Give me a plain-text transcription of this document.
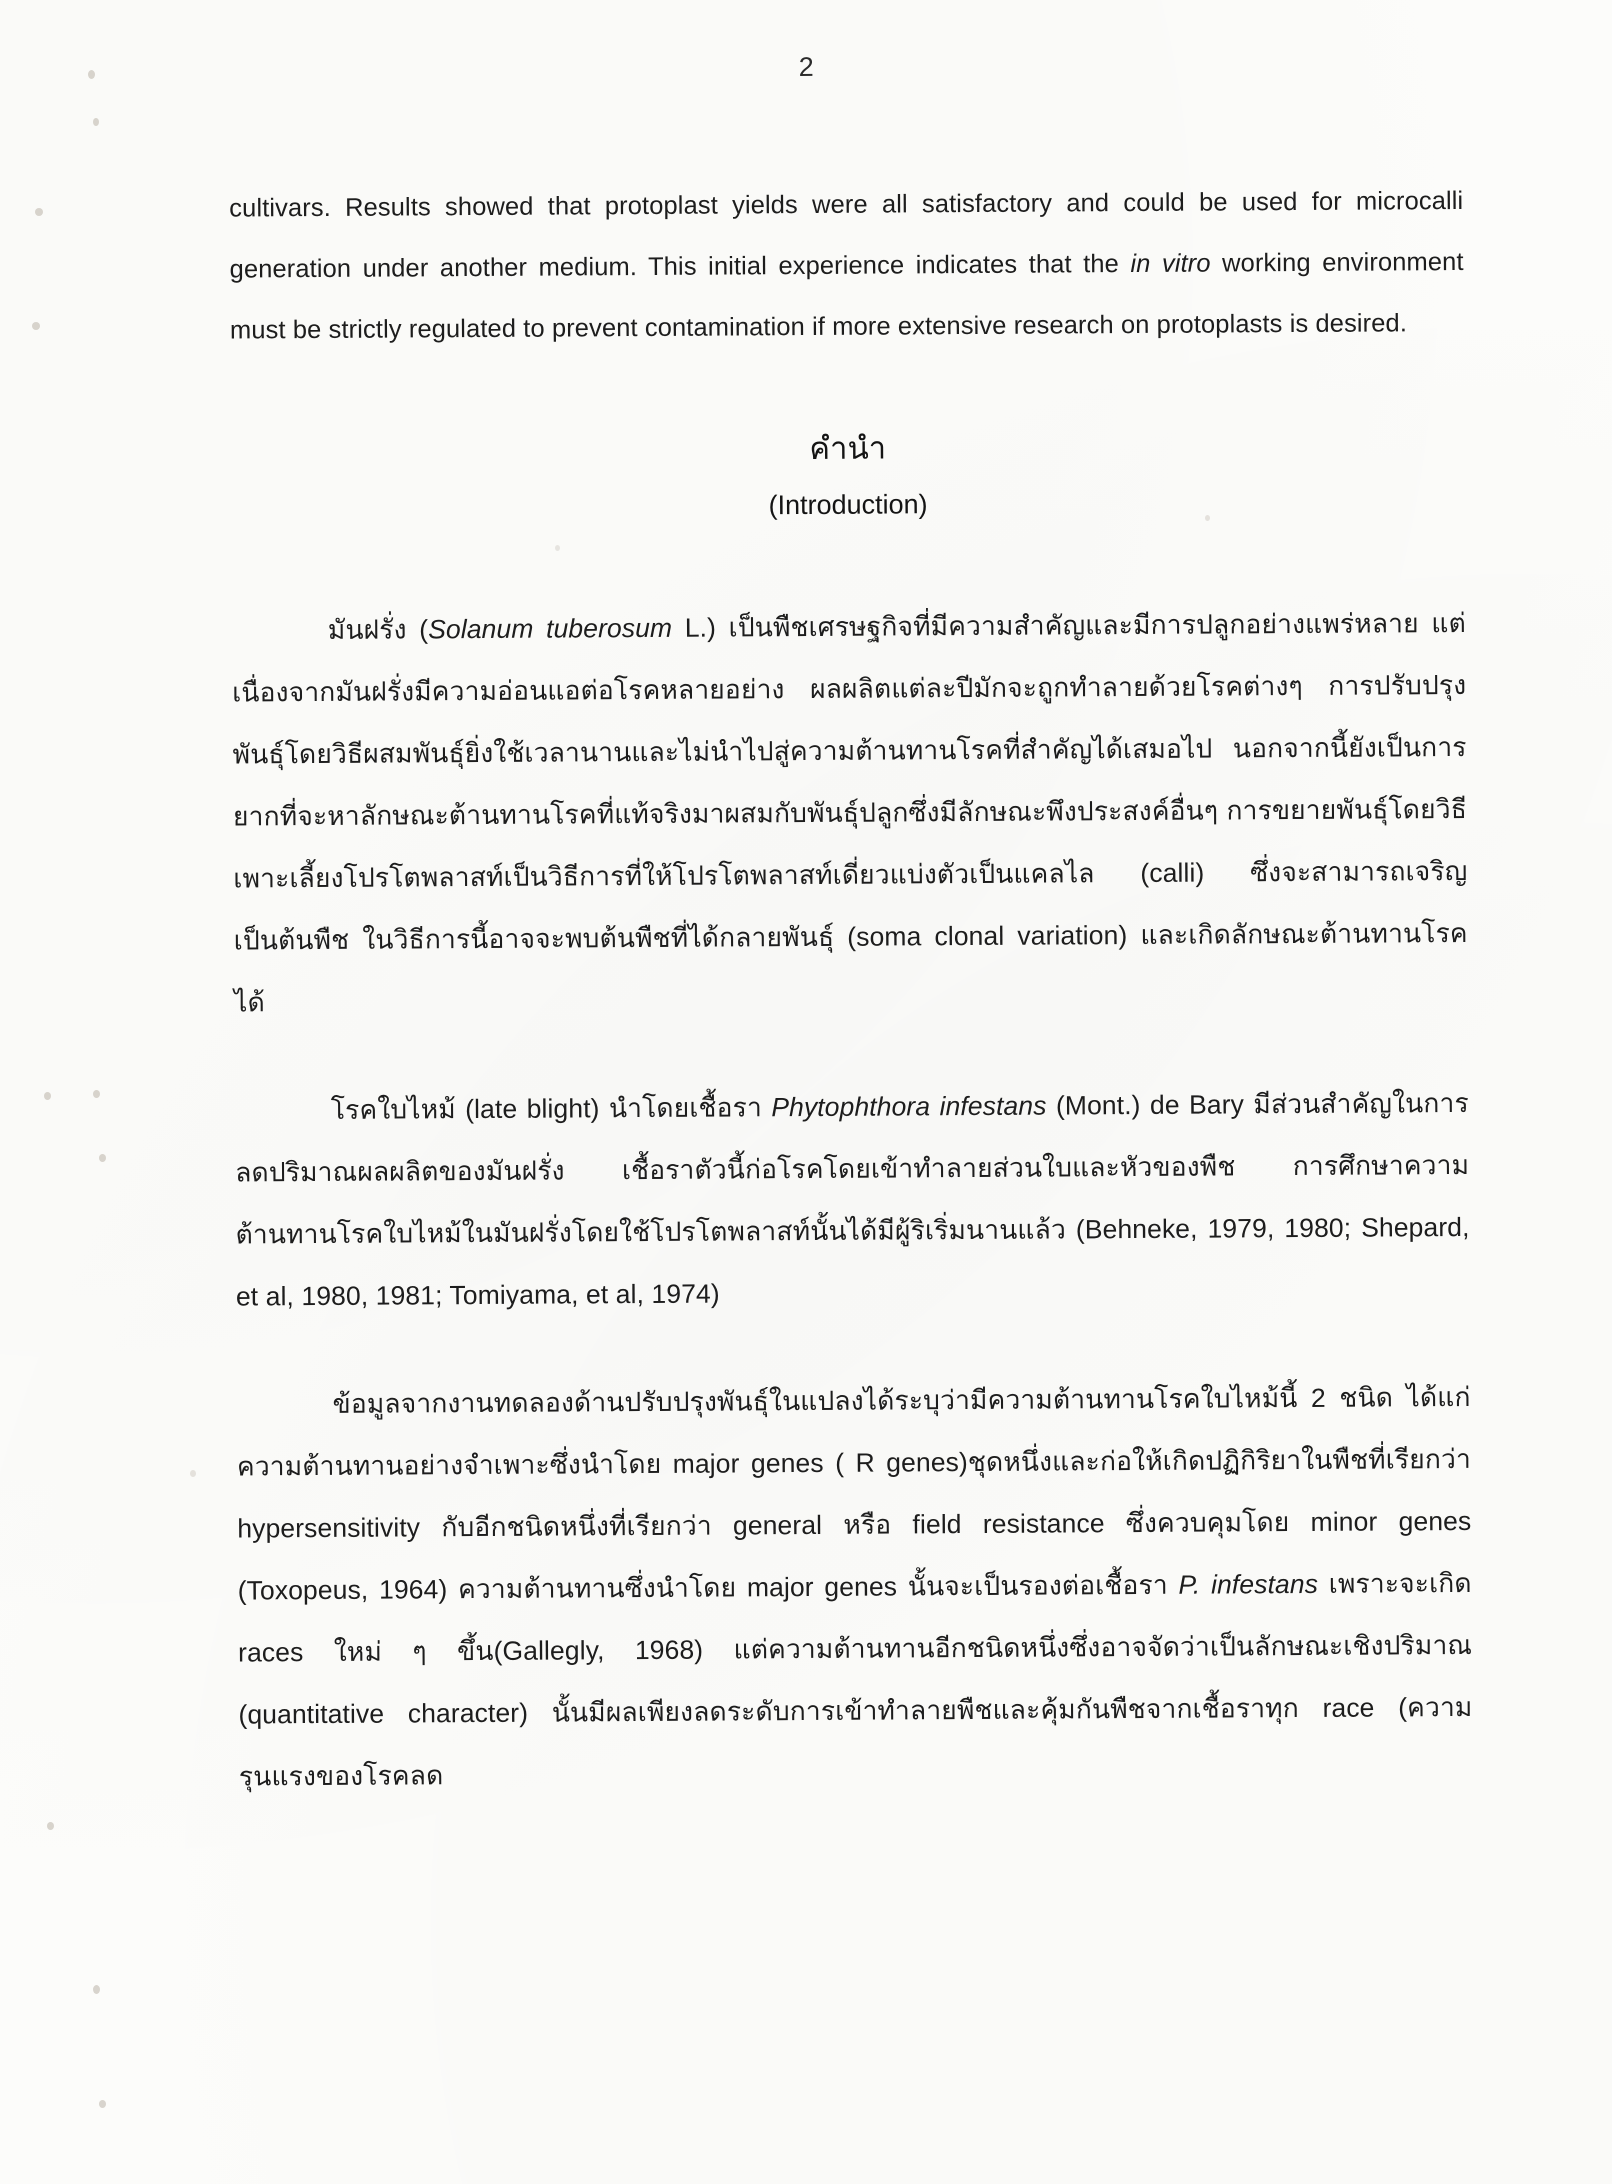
2

cultivars. Results showed that protoplast yields were all satisfactory and could be used for microcalli generation under another medium. This initial experience indicates that the in vitro working environment must be strictly regulated to prevent contamination if more extensive research on protoplasts is desired.

คำนำ
(Introduction)

มันฝรั่ง (Solanum tuberosum L.) เป็นพืชเศรษฐกิจที่มีความสำคัญและมีการปลูกอย่างแพร่หลาย แต่เนื่องจากมันฝรั่งมีความอ่อนแอต่อโรคหลายอย่าง ผลผลิตแต่ละปีมักจะถูกทำลายด้วยโรคต่างๆ การปรับปรุงพันธุ์โดยวิธีผสมพันธุ์ยิ่งใช้เวลานานและไม่นำไปสู่ความต้านทานโรคที่สำคัญได้เสมอไป นอกจากนี้ยังเป็นการยากที่จะหาลักษณะต้านทานโรคที่แท้จริงมาผสมกับพันธุ์ปลูกซึ่งมีลักษณะพึงประสงค์อื่นๆ การขยายพันธุ์โดยวิธีเพาะเลี้ยงโปรโตพลาสท์เป็นวิธีการที่ให้โปรโตพลาสท์เดี่ยวแบ่งตัวเป็นแคลไล (calli) ซึ่งจะสามารถเจริญเป็นต้นพืช ในวิธีการนี้อาจจะพบต้นพืชที่ได้กลายพันธุ์ (soma clonal variation) และเกิดลักษณะต้านทานโรคได้

โรคใบไหม้ (late blight) นำโดยเชื้อรา Phytophthora infestans (Mont.) de Bary มีส่วนสำคัญในการลดปริมาณผลผลิตของมันฝรั่ง เชื้อราตัวนี้ก่อโรคโดยเข้าทำลายส่วนใบและหัวของพืช การศึกษาความต้านทานโรคใบไหม้ในมันฝรั่งโดยใช้โปรโตพลาสท์นั้นได้มีผู้ริเริ่มนานแล้ว (Behneke, 1979, 1980; Shepard, et al, 1980, 1981; Tomiyama, et al, 1974)

ข้อมูลจากงานทดลองด้านปรับปรุงพันธุ์ในแปลงได้ระบุว่ามีความต้านทานโรคใบไหม้นี้ 2 ชนิด ได้แก่ ความต้านทานอย่างจำเพาะซึ่งนำโดย major genes ( R genes)ชุดหนึ่งและก่อให้เกิดปฏิกิริยาในพืชที่เรียกว่า hypersensitivity กับอีกชนิดหนึ่งที่เรียกว่า general หรือ field resistance ซึ่งควบคุมโดย minor genes (Toxopeus, 1964) ความต้านทานซึ่งนำโดย major genes นั้นจะเป็นรองต่อเชื้อรา P. infestans เพราะจะเกิด races ใหม่ ๆ ขึ้น(Gallegly, 1968) แต่ความต้านทานอีกชนิดหนึ่งซึ่งอาจจัดว่าเป็นลักษณะเชิงปริมาณ (quantitative character) นั้นมีผลเพียงลดระดับการเข้าทำลายพืชและคุ้มกันพืชจากเชื้อราทุก race (ความรุนแรงของโรคลด
